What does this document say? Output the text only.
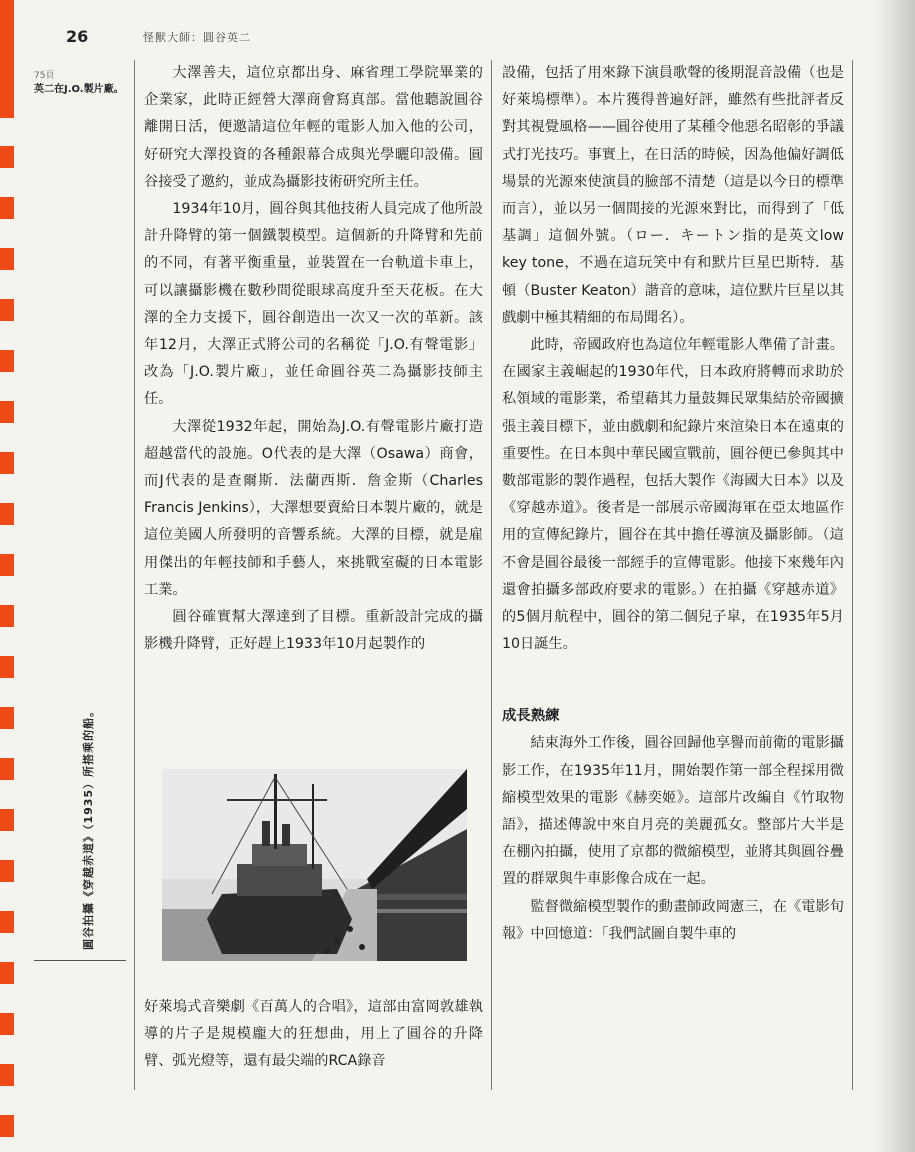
26	怪獸大師：圓谷英二
75頁
英二在J.O.製片廠。
圓谷拍攝《穿越赤道》（1935）所搭乘的船。

大澤善夫，這位京都出身、麻省理工學院畢業的企業家，此時正經營大澤商會寫真部。當他聽說圓谷離開日活，便邀請這位年輕的電影人加入他的公司，好研究大澤投資的各種銀幕合成與光學曬印設備。圓谷接受了邀約，並成為攝影技術研究所主任。

1934年10月，圓谷與其他技術人員完成了他所設計升降臂的第一個鐵製模型。這個新的升降臂和先前的不同，有著平衡重量，並裝置在一台軌道卡車上，可以讓攝影機在數秒間從眼球高度升至天花板。在大澤的全力支援下，圓谷創造出一次又一次的革新。該年12月，大澤正式將公司的名稱從「J.O.有聲電影」改為「J.O.製片廠」，並任命圓谷英二為攝影技師主任。

大澤從1932年起，開始為J.O.有聲電影片廠打造超越當代的設施。O代表的是大澤（Osawa）商會，而J代表的是查爾斯．法蘭西斯．詹金斯（Charles Francis Jenkins），大澤想要賣給日本製片廠的，就是這位美國人所發明的音響系統。大澤的目標，就是雇用傑出的年輕技師和手藝人，來挑戰室礙的日本電影工業。

圓谷確實幫大澤達到了目標。重新設計完成的攝影機升降臂，正好趕上1933年10月起製作的

好萊塢式音樂劇《百萬人的合唱》，這部由富岡敦雄執導的片子是規模龐大的狂想曲，用上了圓谷的升降臂、弧光燈等，還有最尖端的RCA錄音

設備，包括了用來錄下演員歌聲的後期混音設備（也是好萊塢標準）。本片獲得普遍好評，雖然有些批評者反對其視覺風格——圓谷使用了某種令他惡名昭彰的爭議式打光技巧。事實上，在日活的時候，因為他偏好調低場景的光源來使演員的臉部不清楚（這是以今日的標準而言），並以另一個間接的光源來對比，而得到了「低基調」這個外號。（ロー．キートン指的是英文low key tone，不過在這玩笑中有和默片巨星巴斯特．基頓（Buster Keaton）諧音的意味，這位默片巨星以其戲劇中極其精細的布局聞名）。

此時，帝國政府也為這位年輕電影人準備了計畫。在國家主義崛起的1930年代，日本政府將轉而求助於私領域的電影業，希望藉其力量鼓舞民眾集結於帝國擴張主義目標下，並由戲劇和紀錄片來渲染日本在遠東的重要性。在日本與中華民國宣戰前，圓谷便已參與其中數部電影的製作過程，包括大製作《海國大日本》以及《穿越赤道》。後者是一部展示帝國海軍在亞太地區作用的宣傳紀錄片，圓谷在其中擔任導演及攝影師。（這不會是圓谷最後一部經手的宣傳電影。他接下來幾年內還會拍攝多部政府要求的電影。）在拍攝《穿越赤道》的5個月航程中，圓谷的第二個兒子皐，在1935年5月10日誕生。

成長熟練

結束海外工作後，圓谷回歸他享譽而前衛的電影攝影工作，在1935年11月，開始製作第一部全程採用微縮模型效果的電影《赫奕姬》。這部片改編自《竹取物語》，描述傳說中來自月亮的美麗孤女。整部片大半是在棚內拍攝，使用了京都的微縮模型，並將其與圓谷疊置的群眾與牛車影像合成在一起。

監督微縮模型製作的動畫師政岡憲三，在《電影旬報》中回憶道：「我們試圖自製牛車的
